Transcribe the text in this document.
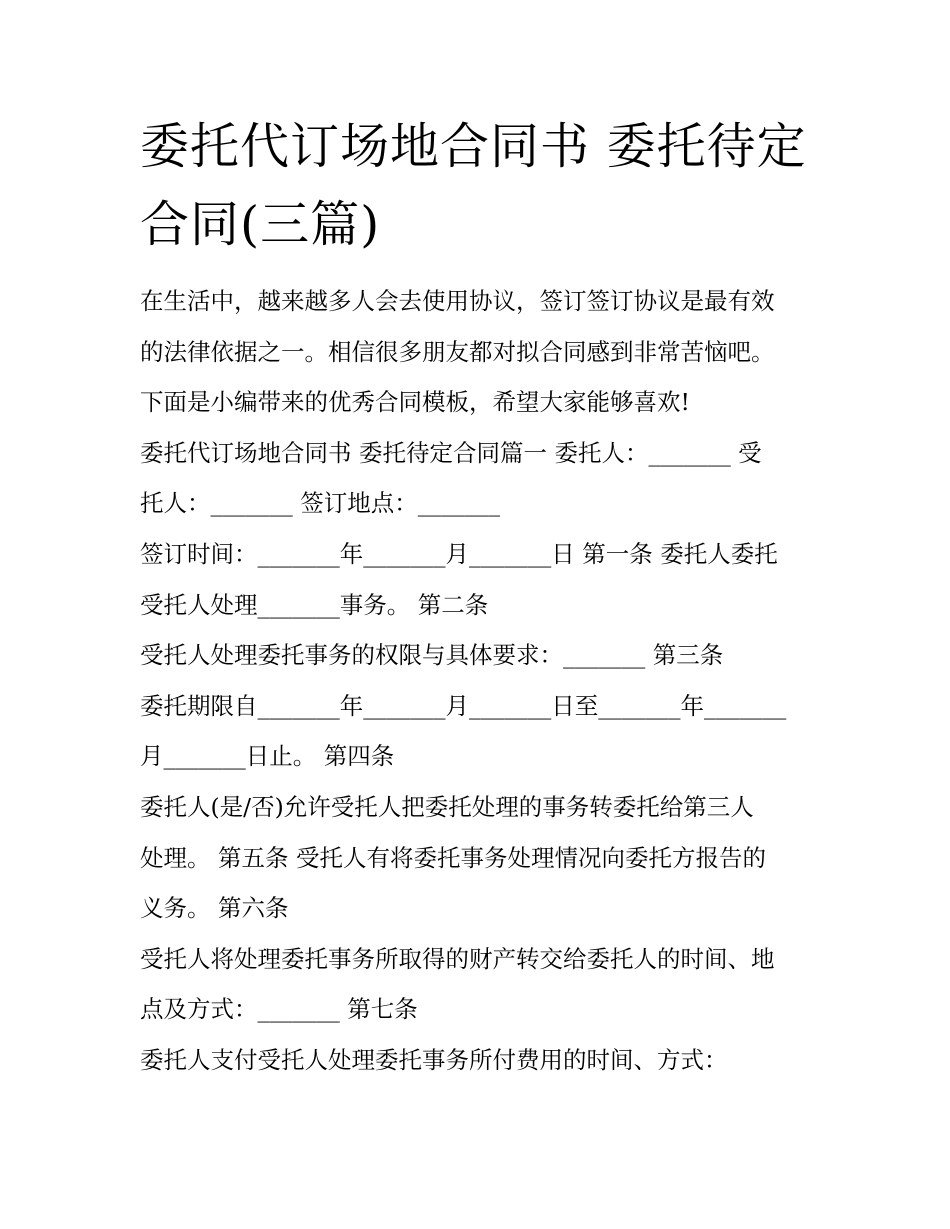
委托代订场地合同书 委托待定
合同(三篇)
在生活中，越来越多人会去使用协议，签订签订协议是最有效
的法律依据之一。相信很多朋友都对拟合同感到非常苦恼吧。
下面是小编带来的优秀合同模板，希望大家能够喜欢!
委托代订场地合同书 委托待定合同篇一 委托人：_______ 受
托人：_______ 签订地点：_______
签订时间：_______年_______月_______日 第一条 委托人委托
受托人处理_______事务。 第二条
受托人处理委托事务的权限与具体要求：_______ 第三条
委托期限自_______年_______月_______日至_______年_______
月_______日止。 第四条
委托人(是/否)允许受托人把委托处理的事务转委托给第三人
处理。 第五条 受托人有将委托事务处理情况向委托方报告的
义务。 第六条
受托人将处理委托事务所取得的财产转交给委托人的时间、地
点及方式：_______ 第七条
委托人支付受托人处理委托事务所付费用的时间、方式：
